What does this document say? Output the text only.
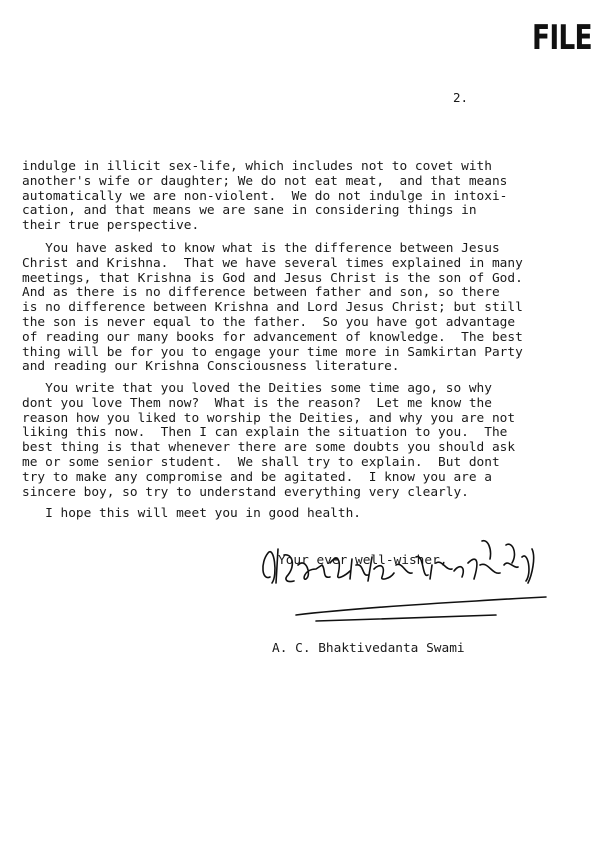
FILE
2.

indulge in illicit sex-life, which includes not to covet with
another's wife or daughter; We do not eat meat,  and that means
automatically we are non-violent.  We do not indulge in intoxi-
cation, and that means we are sane in considering things in
their true perspective.

You have asked to know what is the difference between Jesus
Christ and Krishna.  That we have several times explained in many
meetings, that Krishna is God and Jesus Christ is the son of God.
And as there is no difference between father and son, so there
is no difference between Krishna and Lord Jesus Christ; but still
the son is never equal to the father.  So you have got advantage
of reading our many books for advancement of knowledge.  The best
thing will be for you to engage your time more in Samkirtan Party
and reading our Krishna Consciousness literature.

You write that you loved the Deities some time ago, so why
dont you love Them now?  What is the reason?  Let me know the
reason how you liked to worship the Deities, and why you are not
liking this now.  Then I can explain the situation to you.  The
best thing is that whenever there are some doubts you should ask
me or some senior student.  We shall try to explain.  But dont
try to make any compromise and be agitated.  I know you are a
sincere boy, so try to understand everything very clearly.

I hope this will meet you in good health.

Your ever well-wisher,
A. C. Bhaktivedanta Swami
